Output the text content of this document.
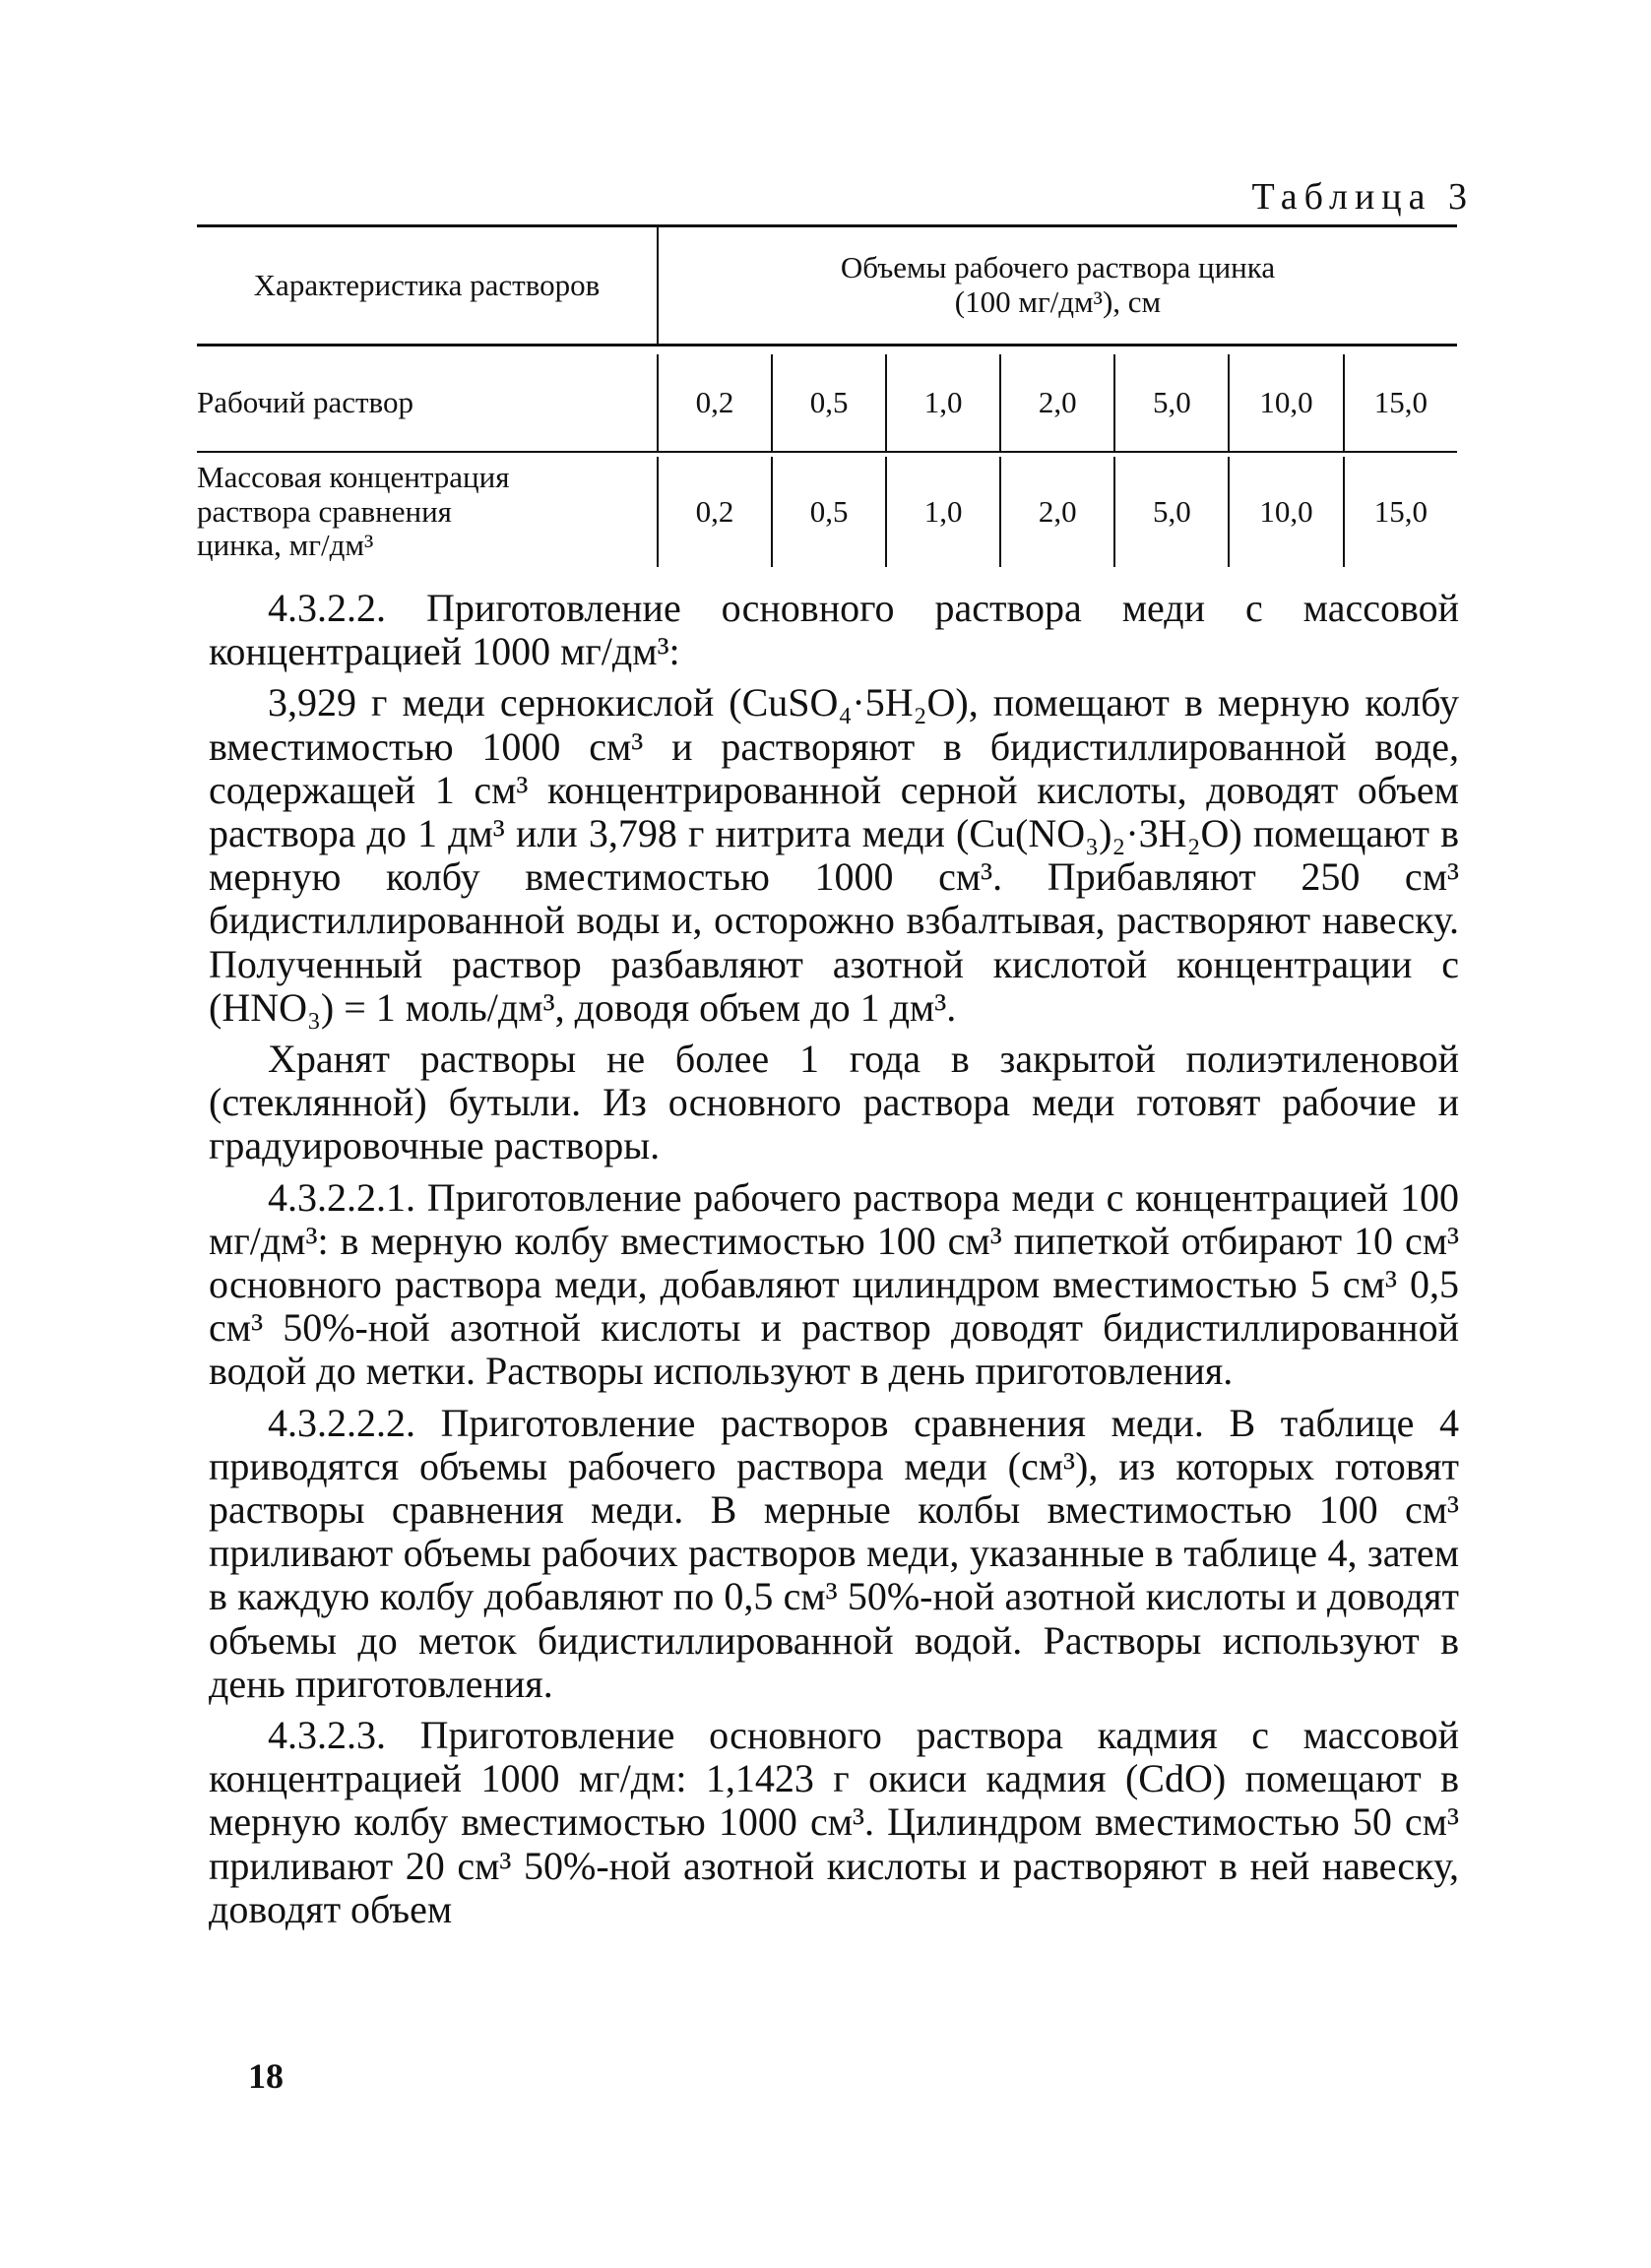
Таблица 3
Характеристика растворов	Объемы рабочего раствора цинка
(100 мг/дм³), см						

Рабочий раствор	0,2	0,5	1,0	2,0	5,0	10,0	15,0

Массовая концентрация
раствора сравнения
цинка, мг/дм³	0,2	0,5	1,0	2,0	5,0	10,0	15,0

4.3.2.2. Приготовление основного раствора меди с массовой концентрацией 1000 мг/дм³:

3,929 г меди сернокислой (CuSO₄·5H₂O), помещают в мерную колбу вместимостью 1000 см³ и растворяют в бидистиллированной воде, содержащей 1 см³ концентрированной серной кислоты, доводят объем раствора до 1 дм³ или 3,798 г нитрита меди (Cu(NO₃)₂·3H₂O) помещают в мерную колбу вместимостью 1000 см³. Прибавляют 250 см³ бидистиллированной воды и, осторожно взбалтывая, растворяют навеску. Полученный раствор разбавляют азотной кислотой концентрации с (HNO₃) = 1 моль/дм³, доводя объем до 1 дм³.

Хранят растворы не более 1 года в закрытой полиэтиленовой (стеклянной) бутыли. Из основного раствора меди готовят рабочие и градуировочные растворы.

4.3.2.2.1. Приготовление рабочего раствора меди с концентрацией 100 мг/дм³: в мерную колбу вместимостью 100 см³ пипеткой отбирают 10 см³ основного раствора меди, добавляют цилиндром вместимостью 5 см³ 0,5 см³ 50%-ной азотной кислоты и раствор доводят бидистиллированной водой до метки. Растворы используют в день приготовления.

4.3.2.2.2. Приготовление растворов сравнения меди. В таблице 4 приводятся объемы рабочего раствора меди (см³), из которых готовят растворы сравнения меди. В мерные колбы вместимостью 100 см³ приливают объемы рабочих растворов меди, указанные в таблице 4, затем в каждую колбу добавляют по 0,5 см³ 50%-ной азотной кислоты и доводят объемы до меток бидистиллированной водой. Растворы используют в день приготовления.

4.3.2.3. Приготовление основного раствора кадмия с массовой концентрацией 1000 мг/дм: 1,1423 г окиси кадмия (CdO) помещают в мерную колбу вместимостью 1000 см³. Цилиндром вместимостью 50 см³ приливают 20 см³ 50%-ной азотной кислоты и растворяют в ней навеску, доводят объем

18
